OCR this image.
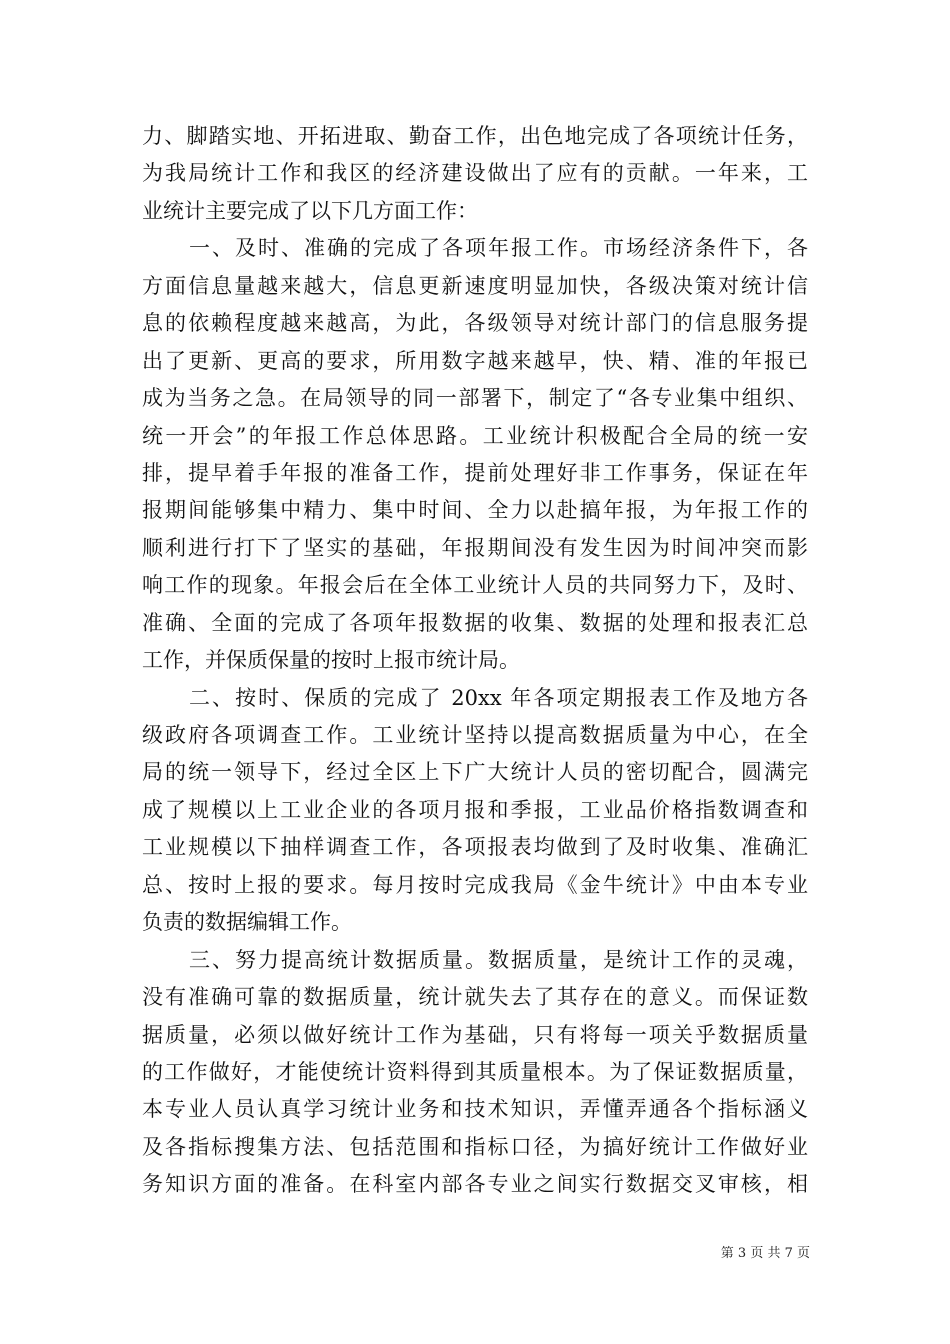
力、脚踏实地、开拓进取、勤奋工作，出色地完成了各项统计任务，
为我局统计工作和我区的经济建设做出了应有的贡献。一年来，工
业统计主要完成了以下几方面工作：
一、及时、准确的完成了各项年报工作。市场经济条件下，各
方面信息量越来越大，信息更新速度明显加快，各级决策对统计信
息的依赖程度越来越高，为此，各级领导对统计部门的信息服务提
出了更新、更高的要求，所用数字越来越早，快、精、准的年报已
成为当务之急。在局领导的同一部署下，制定了“各专业集中组织、
统一开会”的年报工作总体思路。工业统计积极配合全局的统一安
排，提早着手年报的准备工作，提前处理好非工作事务，保证在年
报期间能够集中精力、集中时间、全力以赴搞年报，为年报工作的
顺利进行打下了坚实的基础，年报期间没有发生因为时间冲突而影
响工作的现象。年报会后在全体工业统计人员的共同努力下，及时、
准确、全面的完成了各项年报数据的收集、数据的处理和报表汇总
工作，并保质保量的按时上报市统计局。
二、按时、保质的完成了 20xx 年各项定期报表工作及地方各
级政府各项调查工作。工业统计坚持以提高数据质量为中心，在全
局的统一领导下，经过全区上下广大统计人员的密切配合，圆满完
成了规模以上工业企业的各项月报和季报，工业品价格指数调查和
工业规模以下抽样调查工作，各项报表均做到了及时收集、准确汇
总、按时上报的要求。每月按时完成我局《金牛统计》中由本专业
负责的数据编辑工作。
三、努力提高统计数据质量。数据质量，是统计工作的灵魂，
没有准确可靠的数据质量，统计就失去了其存在的意义。而保证数
据质量，必须以做好统计工作为基础，只有将每一项关乎数据质量
的工作做好，才能使统计资料得到其质量根本。为了保证数据质量，
本专业人员认真学习统计业务和技术知识，弄懂弄通各个指标涵义
及各指标搜集方法、包括范围和指标口径，为搞好统计工作做好业
务知识方面的准备。在科室内部各专业之间实行数据交叉审核，相
第 3 页 共 7 页
